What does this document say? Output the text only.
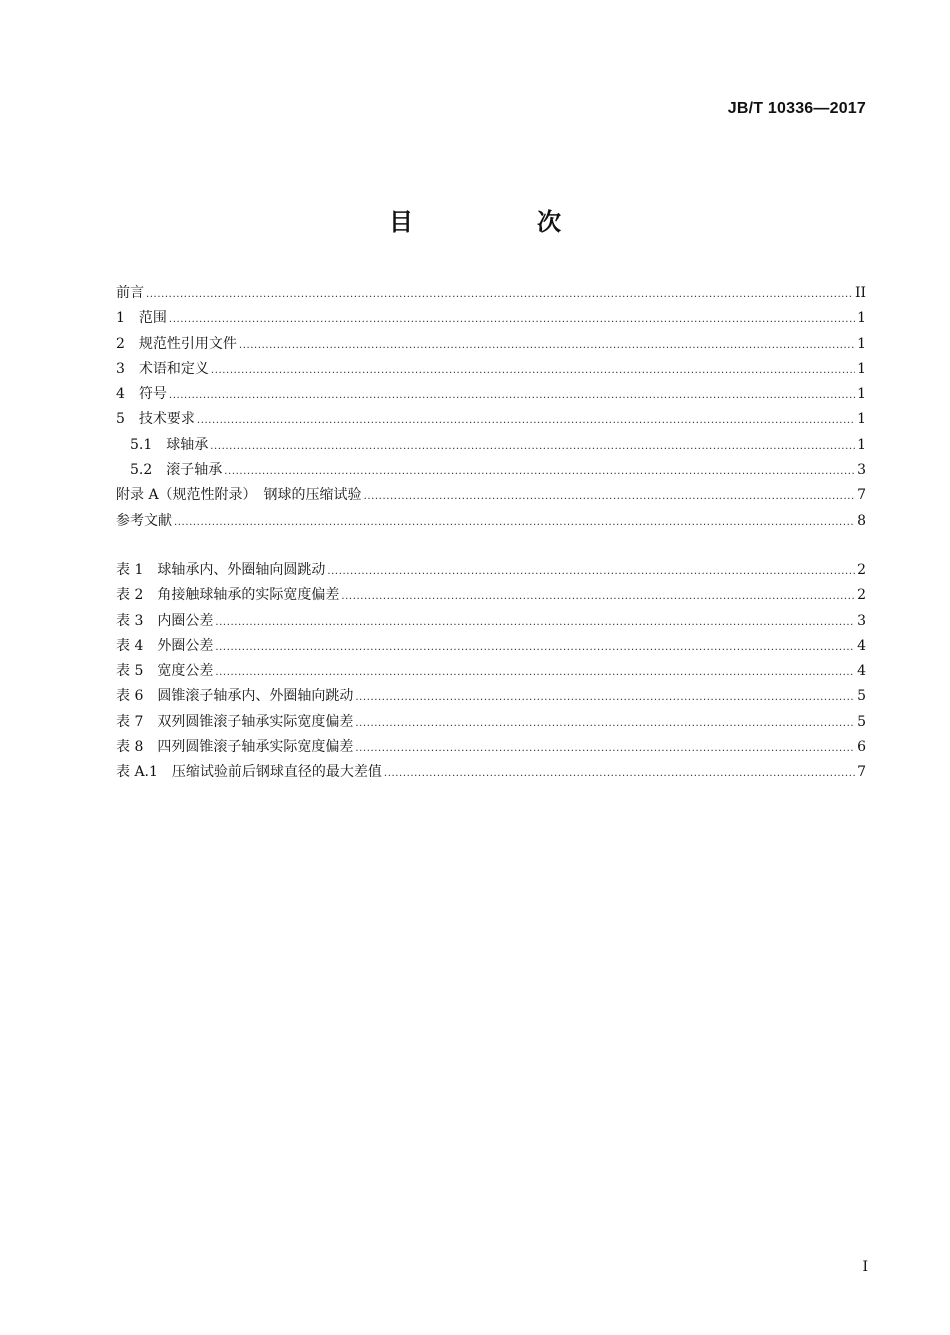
JB/T 10336—2017
目　次
前言 .....	II
1　范围 .....	1
2　规范性引用文件 .....	1
3　术语和定义 .....	1
4　符号 .....	1
5　技术要求 .....	1
5.1　球轴承 .....	1
5.2　滚子轴承 .....	3
附录 A（规范性附录）　钢球的压缩试验 .....	7
参考文献 .....	8
表 1　球轴承内、外圈轴向圆跳动 .....	2
表 2　角接触球轴承的实际宽度偏差 .....	2
表 3　内圈公差 .....	3
表 4　外圈公差 .....	4
表 5　宽度公差 .....	4
表 6　圆锥滚子轴承内、外圈轴向跳动 .....	5
表 7　双列圆锥滚子轴承实际宽度偏差 .....	5
表 8　四列圆锥滚子轴承实际宽度偏差 .....	6
表 A.1　压缩试验前后钢球直径的最大差值 .....	7
I
